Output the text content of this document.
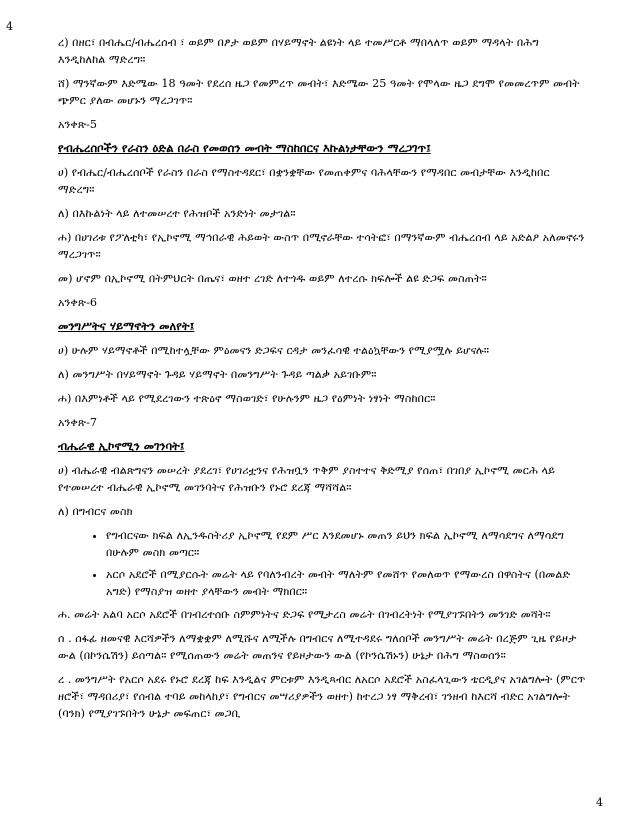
4
ረ) በዘር፣ በብሔር/ብሔረሰብ ፣ ወይም በፆታ ወይም በሃይማኖት ልዩነት ላይ ተመሥርቶ ማበላለጥ ወይም ማዳላት በሕግ እንዲከለከል ማድረግ።
ሸ) ማንኛውም እድሜው 18 ዓመት የደረሰ ዜጋ የመምረጥ መብት፣ እድሜው 25 ዓመት የሞላው ዜጋ ደግሞ የመመረጥም መብት ጭምር ያለው መሆኑን ማረጋገጥ።
አንቀጽ-5
የብሔረሰቦችን የራስን ዕድል በራስ የመወሰን መብት ማስከበርና እኩልነታቸውን ማረጋገጥ፤
ሀ) የብሔር/ብሔረሰቦች የራስን በራስ የማስተዳደር፣ በቋንቋቸው የመጠቀምና ባሕላቸውን የማዳበር መብታቸው እንዲከበር ማድረግ።
ለ) በእኩልነት ላይ ለተመሠረተ የሕዝቦች አንድነት መታገል።
ሐ) በሀገሪቱ የፖለቲካ፣ የኢኮኖሚ ማኅበራዊ ሕይወት ውስጥ በሚኖራቸው ተሳትፎ፣ በማንኛውም ብሔረሰብ ላይ አድልዖ አለመኖሩን ማረጋገጥ።
መ) ሆኖም በኢኮኖሚ በትምህርት በጤና፣ ወዘተ ረገድ ለተጎዱ ወይም ለተረሱ ክፍሎች ልዩ ድጋፍ መስጠት።
አንቀጽ-6
መንግሥትና ሃይማኖትን መለየት፤
ሀ) ሁሉም ሃይማኖቶች በሚከተሏቸው ምዕመናን ድጋፍና ርዳታ መንፈሳዊ ተልዕኳቸውን የሚያሟሉ ይሆናሉ።
ለ) መንግሥት በሃይማኖት ጉዳይ ሃይማኖት በመንግሥት ጉዳይ ጣልቃ አይገቡም።
ሐ) በእምነቶች ላይ የሚደረገውን ተጽዕኖ ማስወገድ፣ የሁሉንም ዜጋ የዕምነት ነፃነት ማስከበር።
አንቀጽ-7
ብሔራዊ ኢኮኖሚን መገንባት፤
ሀ) ብሔራዊ ብልጽግናን መሠረት ያደረገ፣ የሀገሪቷንና የሕዝቧን ጥቅም ያስተተና ቅድሚያ የሰጠ፣ በገበያ ኢኮኖሚ መርሕ ላይ የተመሠረተ ብሔራዊ ኢኮኖሚ መገንባትና የሕዝቡን የኑሮ ደረጃ ማሻሻል።
ለ) በግብርና መስክ
• የግብርናው ክፍል ለኢንዱስትሪያ ኢኮኖሚ የደም ሥር እንደመሆኑ መጠን ይህን ክፍል ኢኮኖሚ ለማሳደግና ለማሳደግ በሁሉም መስክ መጣር።
• አርሶ አደሮች በሚያርሱት መሬት ላይ የባለንብረት መብት ማለትም የመሸጥ የመለወጥ የማውረስ በዋስትና (በመልድ አግድ) የማስያዝ ወዘተ ያላቸውን መብት ማክበር።
ሐ. መሬት አልባ አርሶ አደሮች በገብረተሰቡ ስምምነትና ድጋፍ የሚታረስ መሬት በገብረትነት የሚያገኙበትን መንገድ መሻት።
ሰ . ሰፋፊ ዘመናዊ እርሻዎችን ለማቋቋም ለሚሹና ለሚችሉ በግብርና ለሚተዳደሩ ግለሰቦች መንግሥት መሬት በረጅም ጊዜ የይዞታ ውል (በኮንሴሽን) ይሰጣል። የሚሰጠውን መሬት መጠንና የይዞታውን ውል (የኮንሴሽኑን) ሁኔታ በሕግ ማስወሰን።
ረ . መንግሥት የአርሶ አደሩ የኑሮ ደረጃ ከፍ እንዲልና ምርቱም እንዲጻብር ለአርሶ አደሮች አስፈላጊውን ቴርዲያና አገልግሎት (ምርጥ ዘሮች፣ ማዳበሪያ፣ የሰብል ተባይ መከላከያ፣ የግብርና መሣሪያዎችን ወዘተ) ከተረጋ ነፃ ማቅረብ፣ ገንዘብ ከእርሻ ብድር አገልግሎት (ባንክ) የሚያገኙበትን ሁኔታ መፍጠር፣ መጋቢ
4
